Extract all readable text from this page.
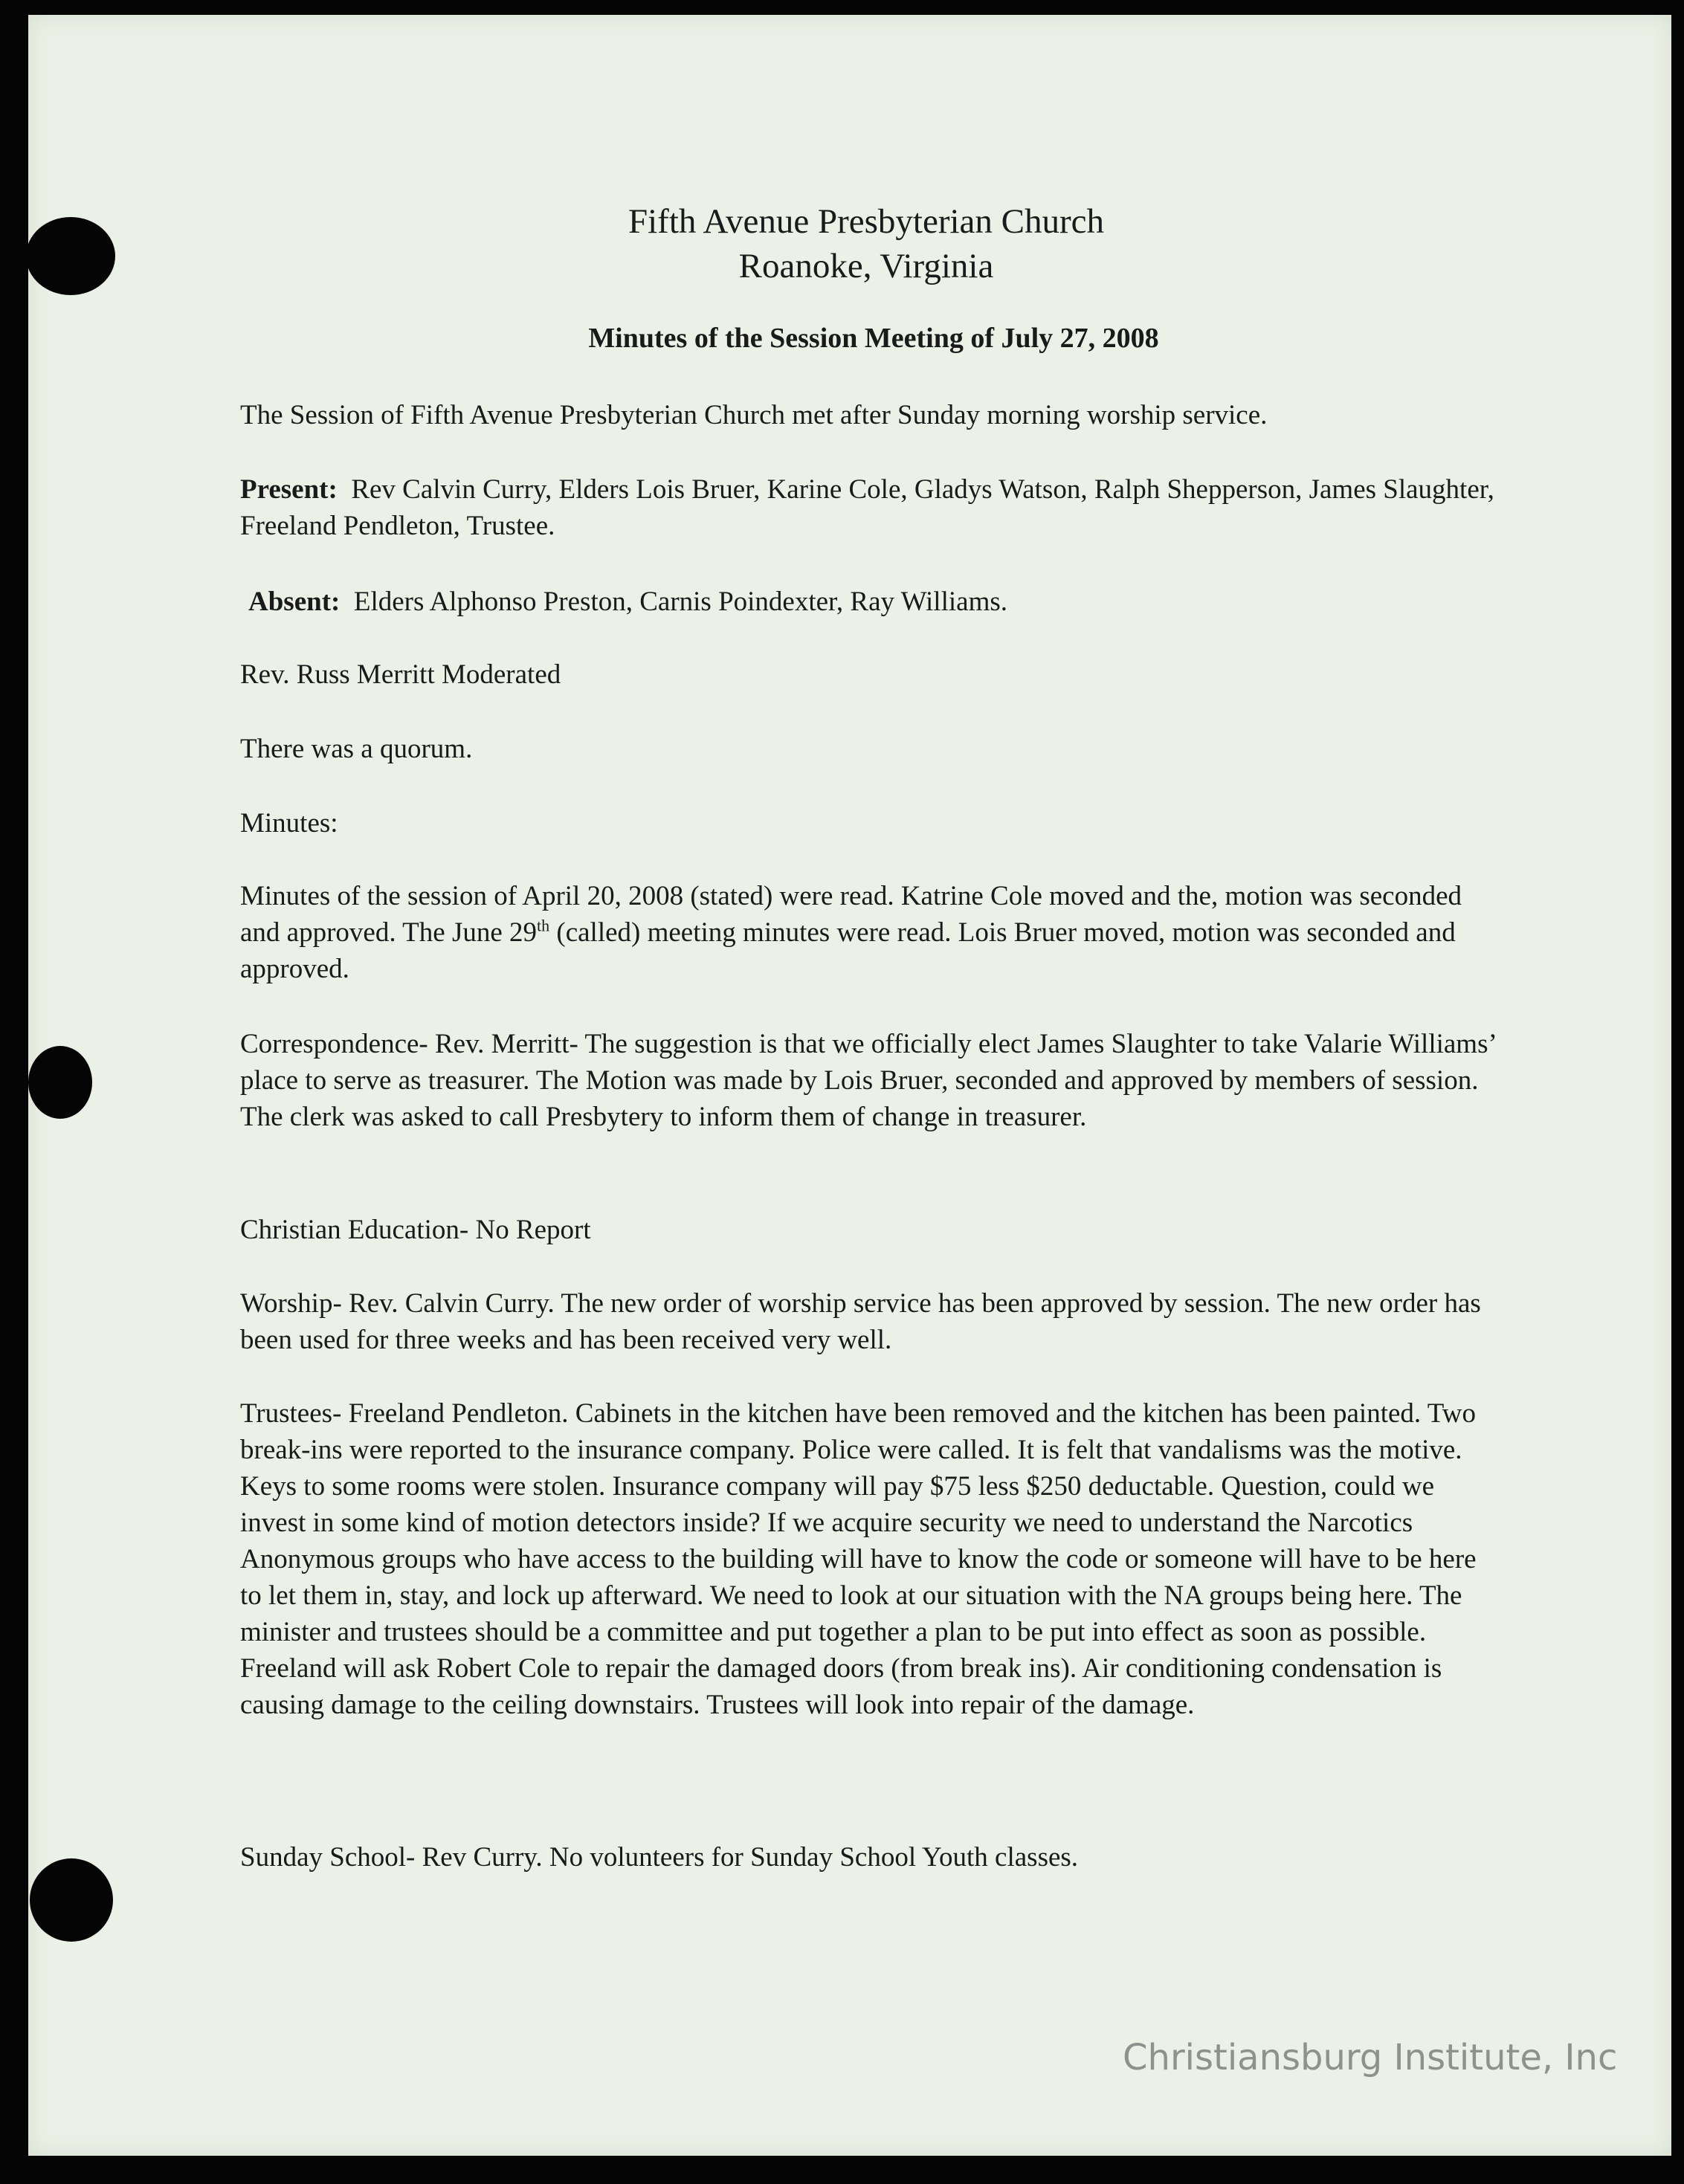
Fifth Avenue Presbyterian Church

Roanoke, Virginia

Minutes of the Session Meeting of July 27, 2008

The Session of Fifth Avenue Presbyterian Church met after Sunday morning worship service.

Present: Rev Calvin Curry, Elders Lois Bruer, Karine Cole, Gladys Watson, Ralph Shepperson, James Slaughter, Freeland Pendleton, Trustee.

Absent: Elders Alphonso Preston, Carnis Poindexter, Ray Williams.

Rev. Russ Merritt Moderated

There was a quorum.

Minutes:

Minutes of the session of April 20, 2008 (stated) were read. Katrine Cole moved and the, motion was seconded and approved. The June 29th (called) meeting minutes were read. Lois Bruer moved, motion was seconded and approved.

Correspondence- Rev. Merritt- The suggestion is that we officially elect James Slaughter to take Valarie Williams’ place to serve as treasurer. The Motion was made by Lois Bruer, seconded and approved by members of session. The clerk was asked to call Presbytery to inform them of change in treasurer.

Christian Education- No Report

Worship- Rev. Calvin Curry. The new order of worship service has been approved by session. The new order has been used for three weeks and has been received very well.

Trustees- Freeland Pendleton. Cabinets in the kitchen have been removed and the kitchen has been painted. Two break-ins were reported to the insurance company. Police were called. It is felt that vandalisms was the motive. Keys to some rooms were stolen. Insurance company will pay $75 less $250 deductable. Question, could we invest in some kind of motion detectors inside? If we acquire security we need to understand the Narcotics Anonymous groups who have access to the building will have to know the code or someone will have to be here to let them in, stay, and lock up afterward. We need to look at our situation with the NA groups being here. The minister and trustees should be a committee and put together a plan to be put into effect as soon as possible. Freeland will ask Robert Cole to repair the damaged doors (from break ins). Air conditioning condensation is causing damage to the ceiling downstairs. Trustees will look into repair of the damage.

Sunday School- Rev Curry. No volunteers for Sunday School Youth classes.

Christiansburg Institute, Inc
